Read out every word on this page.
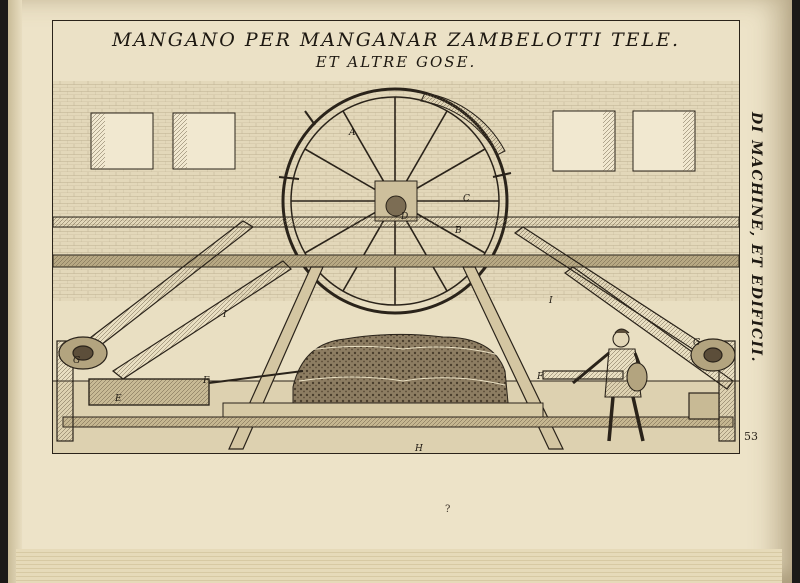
MANGANO PER MANGANAR ZAMBELOTTI TELE.
ET ALTRE GOSE.
A
B
C
D
E
F	F
G
G
H
I
I	DI MACHINE, ET EDIFICII.
53
?
